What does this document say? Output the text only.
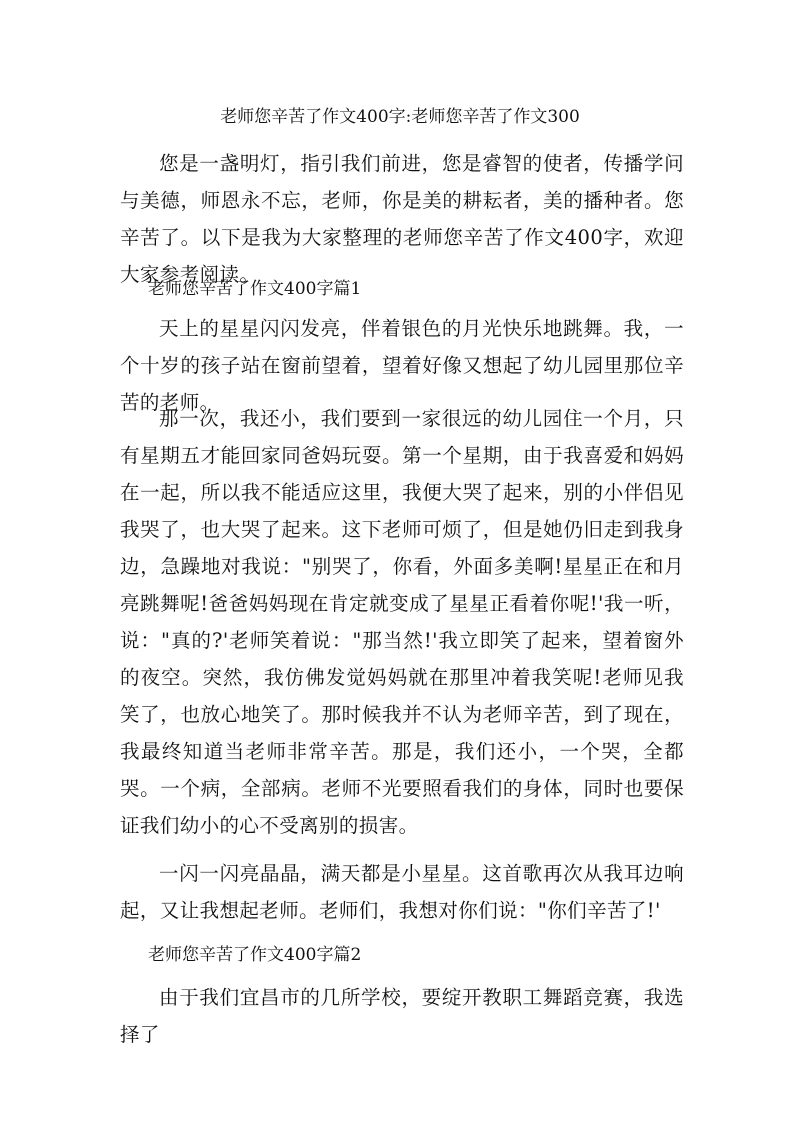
老师您辛苦了作文400字:老师您辛苦了作文300

您是一盏明灯，指引我们前进，您是睿智的使者，传播学问与美德，师恩永不忘，老师，你是美的耕耘者，美的播种者。您辛苦了。以下是我为大家整理的老师您辛苦了作文400字，欢迎大家参考阅读。

老师您辛苦了作文400字篇1

天上的星星闪闪发亮，伴着银色的月光快乐地跳舞。我，一个十岁的孩子站在窗前望着，望着好像又想起了幼儿园里那位辛苦的老师。

那一次，我还小，我们要到一家很远的幼儿园住一个月，只有星期五才能回家同爸妈玩耍。第一个星期，由于我喜爱和妈妈在一起，所以我不能适应这里，我便大哭了起来，别的小伴侣见我哭了，也大哭了起来。这下老师可烦了，但是她仍旧走到我身边，急躁地对我说："别哭了，你看，外面多美啊!星星正在和月亮跳舞呢!爸爸妈妈现在肯定就变成了星星正看着你呢!'我一听，说："真的?'老师笑着说："那当然!'我立即笑了起来，望着窗外的夜空。突然，我仿佛发觉妈妈就在那里冲着我笑呢!老师见我笑了，也放心地笑了。那时候我并不认为老师辛苦，到了现在，我最终知道当老师非常辛苦。那是，我们还小，一个哭，全都哭。一个病，全部病。老师不光要照看我们的身体，同时也要保证我们幼小的心不受离别的损害。

一闪一闪亮晶晶，满天都是小星星。这首歌再次从我耳边响起，又让我想起老师。老师们，我想对你们说："你们辛苦了!'

老师您辛苦了作文400字篇2

由于我们宜昌市的几所学校，要绽开教职工舞蹈竞赛，我选择了
